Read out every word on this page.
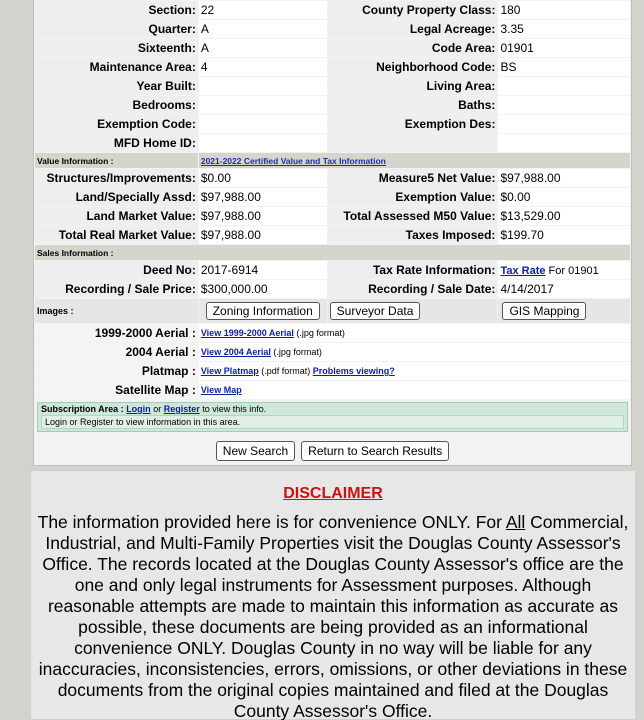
Section:	22	County Property Class:	180
Quarter:	A	Legal Acreage:	3.35
Sixteenth:	A	Code Area:	01901
Maintenance Area:	4	Neighborhood Code:	BS
Year Built:		Living Area:	
Bedrooms:		Baths:	
Exemption Code:		Exemption Des:	
MFD Home ID:			
Value Information :	2021-2022 Certified Value and Tax Information		
Structures/Improvements:	$0.00	Measure5 Net Value:	$97,988.00
Land/Specially Assd:	$97,988.00	Exemption Value:	$0.00
Land Market Value:	$97,988.00	Total Assessed M50 Value:	$13,529.00
Total Real Market Value:	$97,988.00	Taxes Imposed:	$199.70
Sales Information :			
Deed No:	2017-6914	Tax Rate Information:	Tax Rate For 01901
Recording / Sale Price:	$300,000.00	Recording / Sale Date:	4/14/2017
Images :	Zoning Information	Surveyor Data	GIS Mapping
1999-2000 Aerial :	View 1999-2000 Aerial (.jpg format)		
2004 Aerial :	View 2004 Aerial (.jpg format)		
Platmap :	View Platmap (.pdf format) Problems viewing?		
Satellite Map :	View Map		
Subscription Area : Login or Register to view this info.
Login or Register to view information in this area.
New Search Return to Search Results
DISCLAIMER
The information provided here is for convenience ONLY. For All Commercial, Industrial, and Multi-Family Properties visit the Douglas County Assessor's Office. The records located at the Douglas County Assessor's office are the one and only legal instruments for Assessment purposes. Although reasonable attempts are made to maintain this information as accurate as possible, these documents are being provided as an informational convenience ONLY. Douglas County in no way will be liable for any inaccuracies, inconsistencies, errors, omissions, or other deviations in these documents from the original copies maintained and filed at the Douglas County Assessor's Office.
